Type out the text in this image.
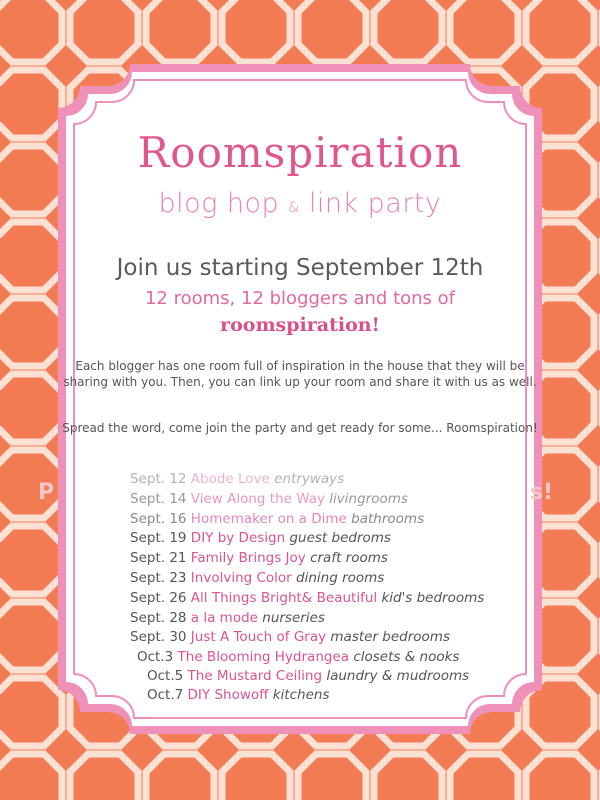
Roomspiration
blog hop & link party
Join us starting September 12th
12 rooms, 12 bloggers and tons of
roomspiration!
Each blogger has one room full of inspiration in the house that they will be sharing with you. Then, you can link up your room and share it with us as well.
Spread the word, come join the party and get ready for some... Roomspiration!
P	s!
Sept. 12 Abode Love entryways
Sept. 14 View Along the Way livingrooms
Sept. 16 Homemaker on a Dime bathrooms
Sept. 19 DIY by Design guest bedroms
Sept. 21 Family Brings Joy craft rooms
Sept. 23 Involving Color dining rooms
Sept. 26 All Things Bright& Beautiful kid's bedrooms
Sept. 28 a la mode nurseries
Sept. 30 Just A Touch of Gray master bedrooms
Oct.3 The Blooming Hydrangea closets & nooks
Oct.5 The Mustard Ceiling laundry & mudrooms
Oct.7 DIY Showoff kitchens
